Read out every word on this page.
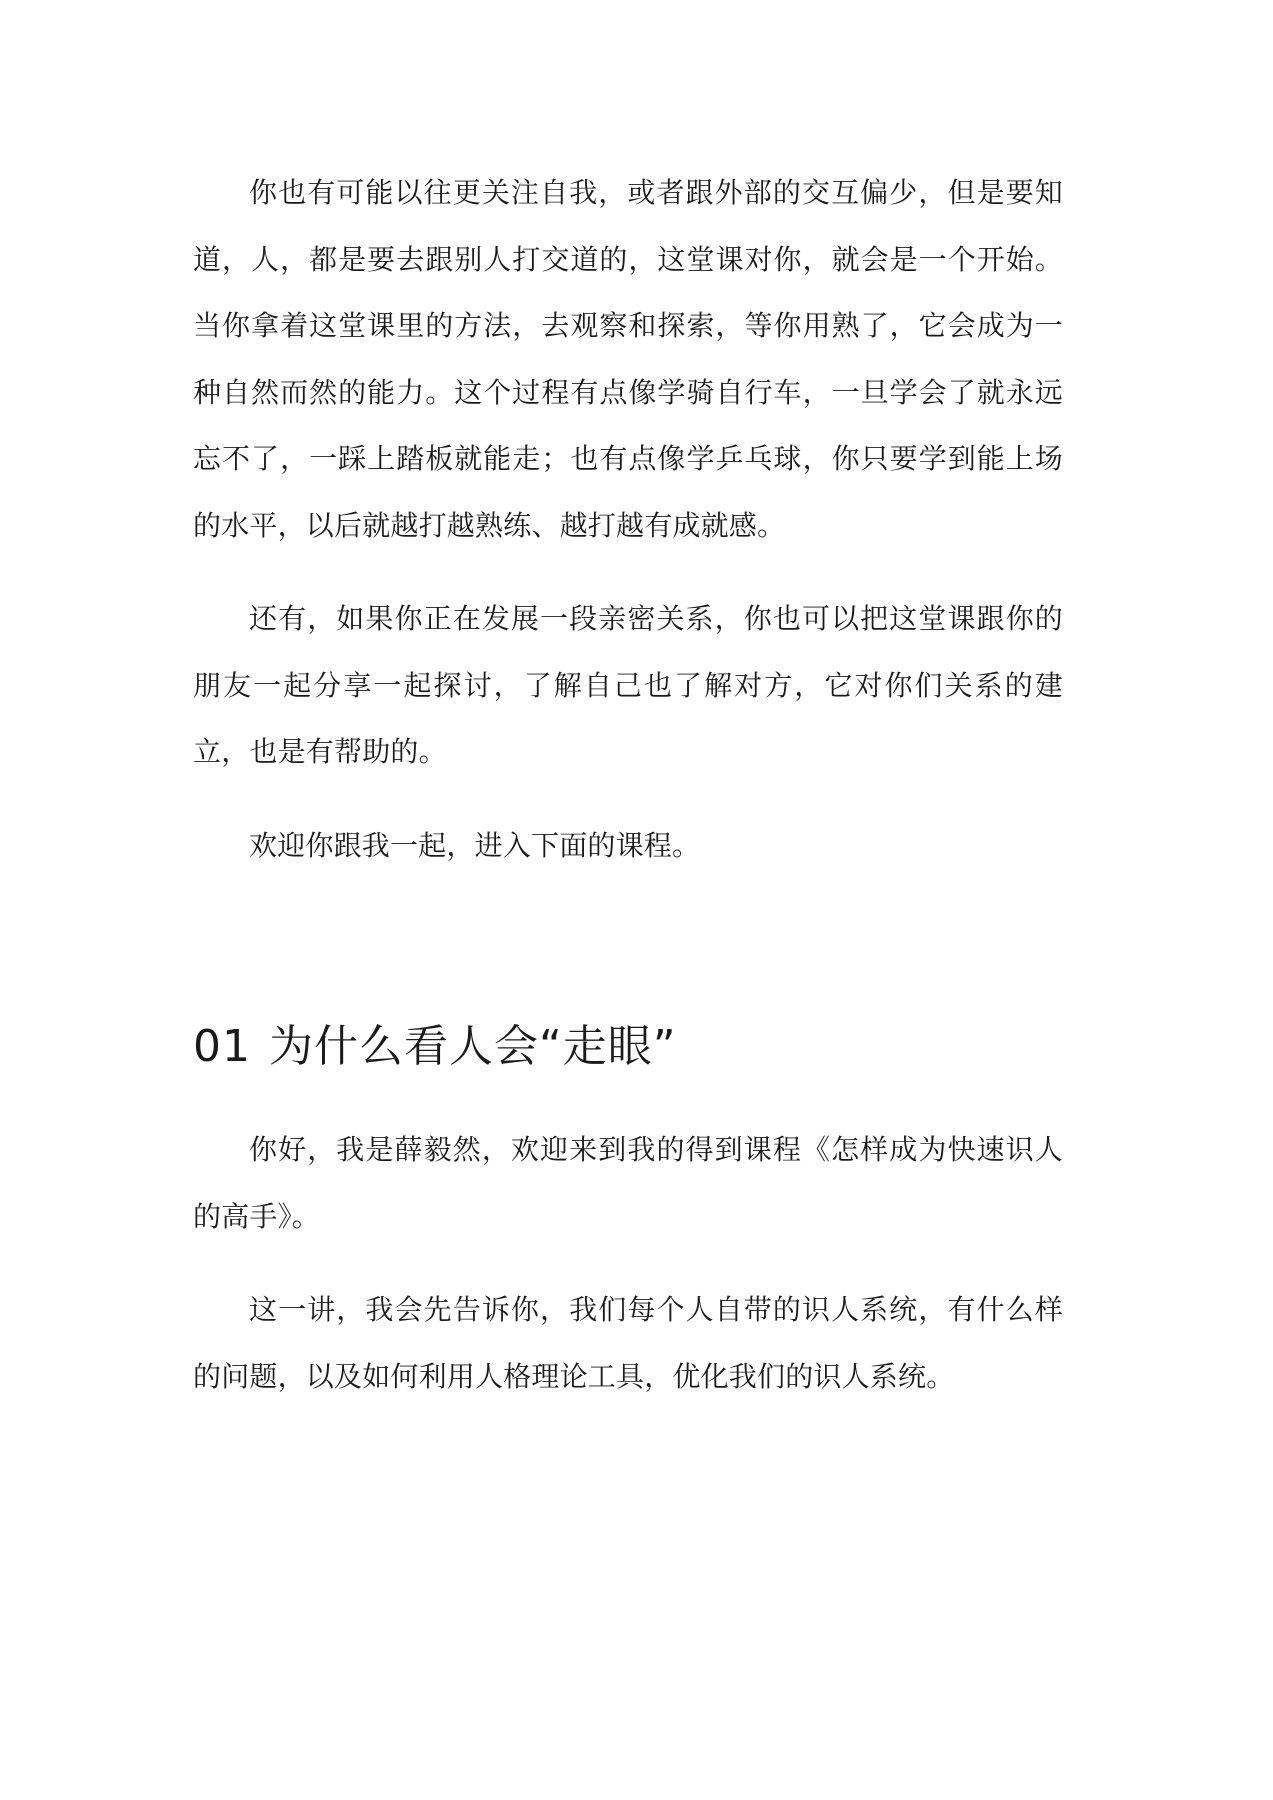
你也有可能以往更关注自我，或者跟外部的交互偏少，但是要知道，人，都是要去跟别人打交道的，这堂课对你，就会是一个开始。当你拿着这堂课里的方法，去观察和探索，等你用熟了，它会成为一种自然而然的能力。这个过程有点像学骑自行车，一旦学会了就永远忘不了，一踩上踏板就能走；也有点像学乒乓球，你只要学到能上场的水平，以后就越打越熟练、越打越有成就感。

还有，如果你正在发展一段亲密关系，你也可以把这堂课跟你的朋友一起分享一起探讨，了解自己也了解对方，它对你们关系的建立，也是有帮助的。

欢迎你跟我一起，进入下面的课程。

01 为什么看人会“走眼”

你好，我是薛毅然，欢迎来到我的得到课程《怎样成为快速识人的高手》。

这一讲，我会先告诉你，我们每个人自带的识人系统，有什么样的问题，以及如何利用人格理论工具，优化我们的识人系统。
